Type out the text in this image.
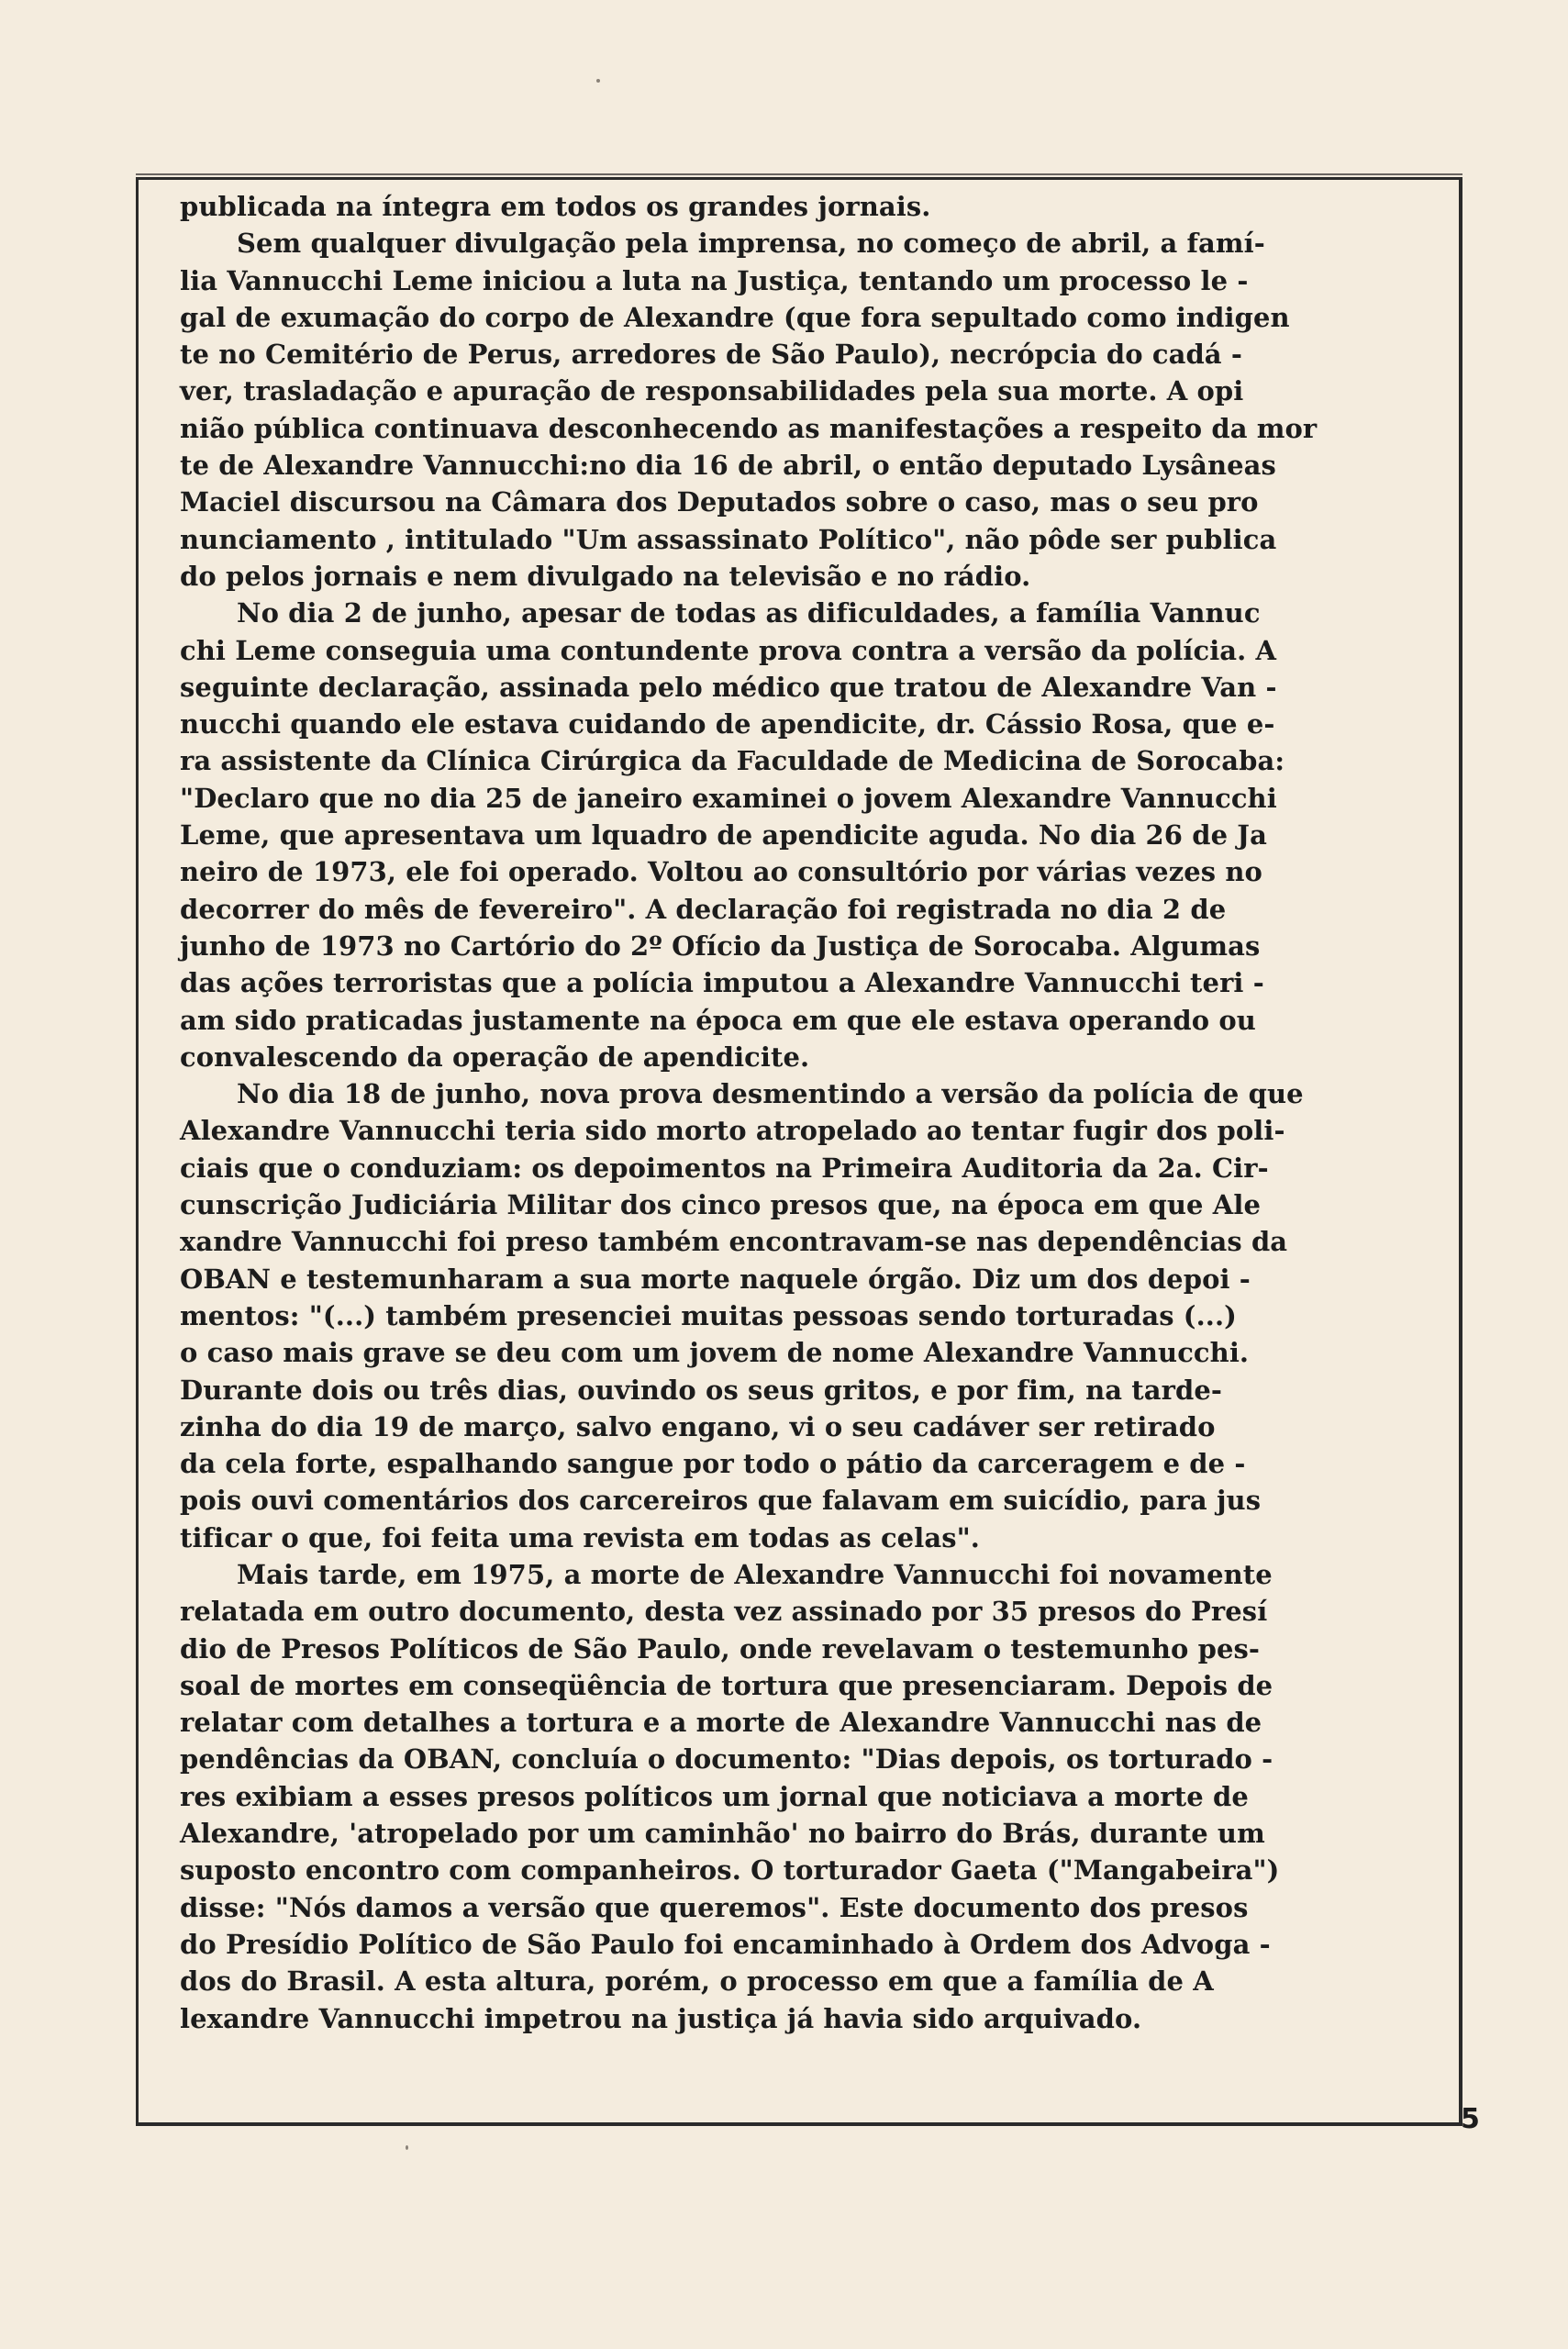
publicada na íntegra em todos os grandes jornais.
Sem qualquer divulgação pela imprensa, no começo de abril, a famí-
lia Vannucchi Leme iniciou a luta na Justiça, tentando um processo le -
gal de exumação do corpo de Alexandre (que fora sepultado como indigen
te no Cemitério de Perus, arredores de São Paulo), necrópcia do cadá -
ver, trasladação e apuração de responsabilidades pela sua morte. A opi
nião pública continuava desconhecendo as manifestações a respeito da mor
te de Alexandre Vannucchi:no dia 16 de abril, o então deputado Lysâneas
Maciel discursou na Câmara dos Deputados sobre o caso, mas o seu pro
nunciamento , intitulado "Um assassinato Político", não pôde ser publica
do pelos jornais e nem divulgado na televisão e no rádio.
No dia 2 de junho, apesar de todas as dificuldades, a família Vannuc
chi Leme conseguia uma contundente prova contra a versão da polícia. A
seguinte declaração, assinada pelo médico que tratou de Alexandre Van -
nucchi quando ele estava cuidando de apendicite, dr. Cássio Rosa, que e-
ra assistente da Clínica Cirúrgica da Faculdade de Medicina de Sorocaba:
"Declaro que no dia 25 de janeiro examinei o jovem Alexandre Vannucchi
Leme, que apresentava um lquadro de apendicite aguda. No dia 26 de Ja
neiro de 1973, ele foi operado. Voltou ao consultório por várias vezes no
decorrer do mês de fevereiro". A declaração foi registrada no dia 2 de
junho de 1973 no Cartório do 2º Ofício da Justiça de Sorocaba. Algumas
das ações terroristas que a polícia imputou a Alexandre Vannucchi teri -
am sido praticadas justamente na época em que ele estava operando ou
convalescendo da operação de apendicite.
No dia 18 de junho, nova prova desmentindo a versão da polícia de que
Alexandre Vannucchi teria sido morto atropelado ao tentar fugir dos poli-
ciais que o conduziam: os depoimentos na Primeira Auditoria da 2a. Cir-
cunscrição Judiciária Militar dos cinco presos que, na época em que Ale
xandre Vannucchi foi preso também encontravam-se nas dependências da
OBAN e testemunharam a sua morte naquele órgão. Diz um dos depoi -
mentos: "(...) também presenciei muitas pessoas sendo torturadas (...)
o caso mais grave se deu com um jovem de nome Alexandre Vannucchi.
Durante dois ou três dias, ouvindo os seus gritos, e por fim, na tarde-
zinha do dia 19 de março, salvo engano, vi o seu cadáver ser retirado
da cela forte, espalhando sangue por todo o pátio da carceragem e de -
pois ouvi comentários dos carcereiros que falavam em suicídio, para jus
tificar o que, foi feita uma revista em todas as celas".
Mais tarde, em 1975, a morte de Alexandre Vannucchi foi novamente
relatada em outro documento, desta vez assinado por 35 presos do Presí
dio de Presos Políticos de São Paulo, onde revelavam o testemunho pes-
soal de mortes em conseqüência de tortura que presenciaram. Depois de
relatar com detalhes a tortura e a morte de Alexandre Vannucchi nas de
pendências da OBAN, concluía o documento: "Dias depois, os torturado -
res exibiam a esses presos políticos um jornal que noticiava a morte de
Alexandre, 'atropelado por um caminhão' no bairro do Brás, durante um
suposto encontro com companheiros. O torturador Gaeta ("Mangabeira")
disse: "Nós damos a versão que queremos". Este documento dos presos
do Presídio Político de São Paulo foi encaminhado à Ordem dos Advoga -
dos do Brasil. A esta altura, porém, o processo em que a família de A
lexandre Vannucchi impetrou na justiça já havia sido arquivado.
5
